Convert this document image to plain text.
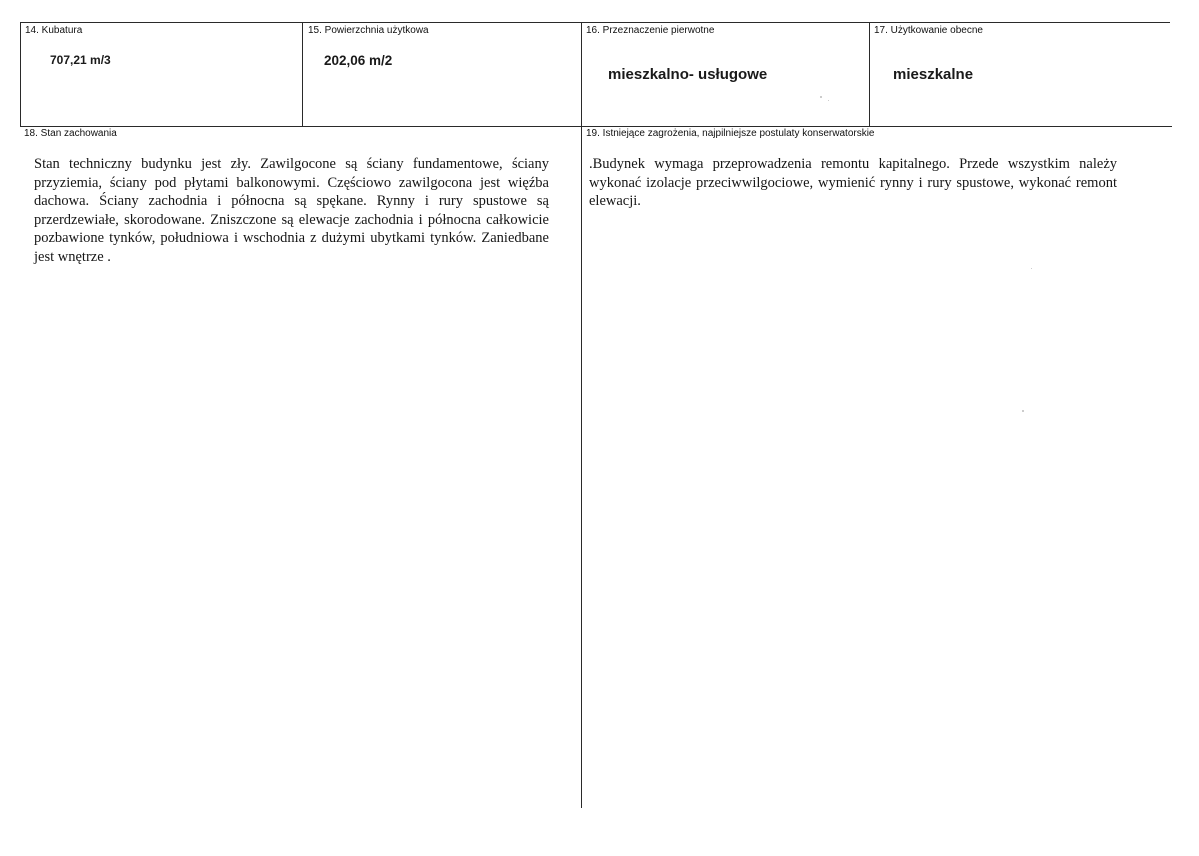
14. Kubatura
707,21 m/3
15. Powierzchnia użytkowa
202,06 m/2
16. Przeznaczenie pierwotne
mieszkalno- usługowe
17. Użytkowanie obecne
mieszkalne
18. Stan zachowania
Stan techniczny budynku jest zły. Zawilgocone są ściany fundamentowe, ściany przyziemia, ściany pod płytami balkonowymi. Częściowo zawilgocona jest więźba dachowa. Ściany zachodnia i północna są spękane. Rynny i rury spustowe są przerdzewiałe, skorodowane. Zniszczone są elewacje zachodnia i północna całkowicie pozbawione tynków, południowa i wschodnia z dużymi ubytkami tynków. Zaniedbane jest wnętrze .
19. Istniejące zagrożenia, najpilniejsze postulaty konserwatorskie
.Budynek wymaga przeprowadzenia remontu kapitalnego. Przede wszystkim należy wykonać izolacje przeciwwilgociowe, wymienić rynny i rury spustowe, wykonać remont elewacji.
